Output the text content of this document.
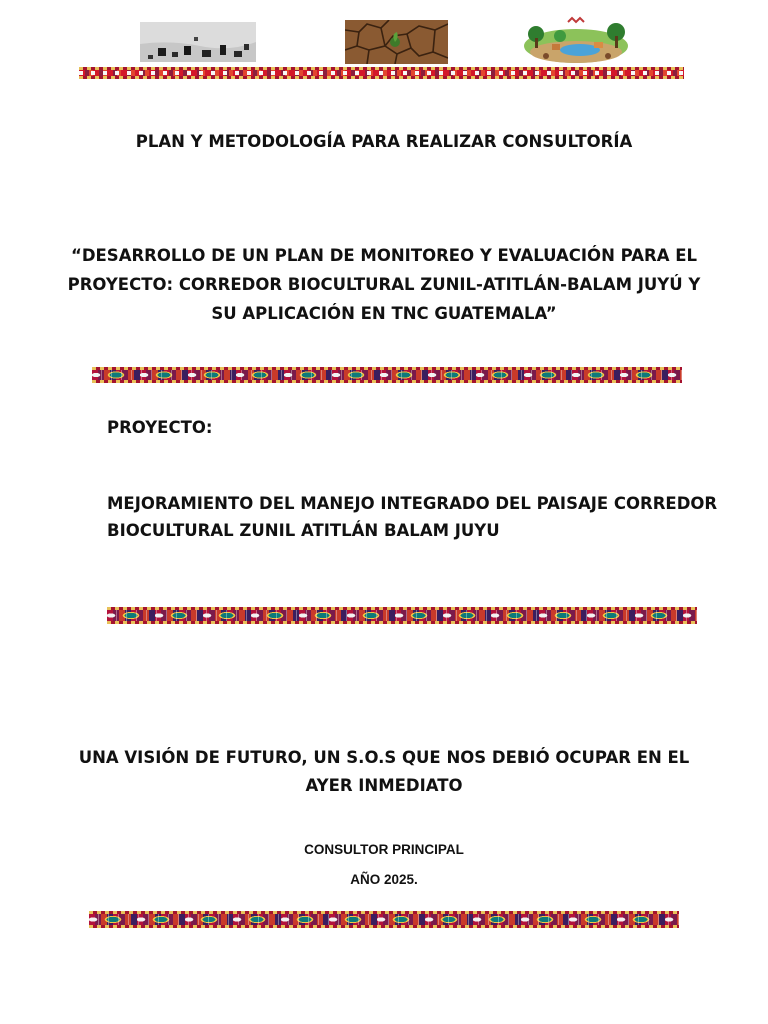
PLAN Y METODOLOGÍA PARA REALIZAR CONSULTORÍA
“DESARROLLO DE UN PLAN DE MONITOREO Y EVALUACIÓN PARA EL
PROYECTO: CORREDOR BIOCULTURAL ZUNIL-ATITLÁN-BALAM JUYÚ Y
SU APLICACIÓN EN TNC GUATEMALA”
PROYECTO:
MEJORAMIENTO DEL MANEJO INTEGRADO DEL PAISAJE CORREDOR
BIOCULTURAL ZUNIL ATITLÁN BALAM JUYU
UNA VISIÓN DE FUTURO, UN S.O.S QUE NOS DEBIÓ OCUPAR EN EL
AYER INMEDIATO
CONSULTOR PRINCIPAL
AÑO 2025.
